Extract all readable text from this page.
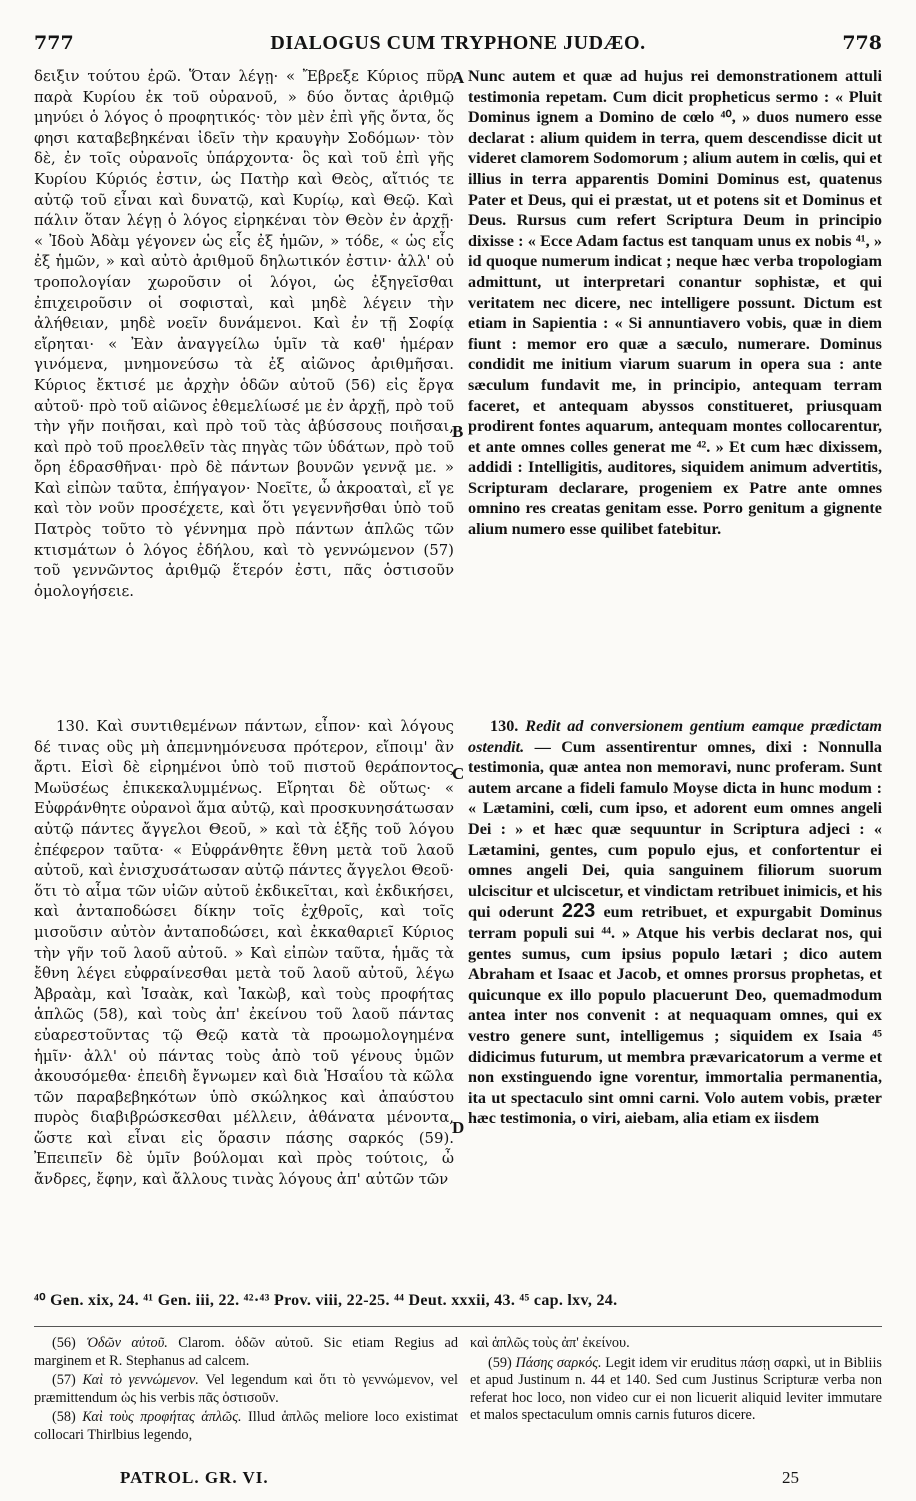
777	DIALOGUS CUM TRYPHONE JUDÆO.	778

δειξιν τούτου ἐρῶ. Ὅταν λέγῃ· « Ἔβρεξε Κύριος πῦρ παρὰ Κυρίου ἐκ τοῦ οὐρανοῦ, » δύο ὄντας ἀριθμῷ μηνύει ὁ λόγος ὁ προφητικός· τὸν μὲν ἐπὶ γῆς ὄντα, ὅς φησι καταβεβηκέναι ἰδεῖν τὴν κραυγὴν Σοδόμων· τὸν δὲ, ἐν τοῖς οὐρανοῖς ὑπάρχοντα· ὃς καὶ τοῦ ἐπὶ γῆς Κυρίου Κύριός ἐστιν, ὡς Πατὴρ καὶ Θεὸς, αἴτιός τε αὐτῷ τοῦ εἶναι καὶ δυνατῷ, καὶ Κυρίῳ, καὶ Θεῷ. Καὶ πάλιν ὅταν λέγῃ ὁ λόγος εἰρηκέναι τὸν Θεὸν ἐν ἀρχῇ· « Ἰδοὺ Ἀδὰμ γέγονεν ὡς εἷς ἐξ ἡμῶν, » τόδε, « ὡς εἷς ἐξ ἡμῶν, » καὶ αὐτὸ ἀριθμοῦ δηλωτικόν ἐστιν· ἀλλ' οὐ τροπολογίαν χωροῦσιν οἱ λόγοι, ὡς ἐξηγεῖσθαι ἐπιχειροῦσιν οἱ σοφισταὶ, καὶ μηδὲ λέγειν τὴν ἀλήθειαν, μηδὲ νοεῖν δυνάμενοι. Καὶ ἐν τῇ Σοφίᾳ εἴρηται· « Ἐὰν ἀναγγείλω ὑμῖν τὰ καθ' ἡμέραν γινόμενα, μνημονεύσω τὰ ἐξ αἰῶνος ἀριθμῆσαι. Κύριος ἔκτισέ με ἀρχὴν ὁδῶν αὐτοῦ (56) εἰς ἔργα αὐτοῦ· πρὸ τοῦ αἰῶνος ἐθεμελίωσέ με ἐν ἀρχῇ, πρὸ τοῦ τὴν γῆν ποιῆσαι, καὶ πρὸ τοῦ τὰς ἀβύσσους ποιῆσαι, καὶ πρὸ τοῦ προελθεῖν τὰς πηγὰς τῶν ὑδάτων, πρὸ τοῦ ὄρη ἑδρασθῆναι· πρὸ δὲ πάντων βουνῶν γεννᾷ με. » Καὶ εἰπὼν ταῦτα, ἐπήγαγον· Νοεῖτε, ὦ ἀκροαταὶ, εἴ γε καὶ τὸν νοῦν προσέχετε, καὶ ὅτι γεγεννῆσθαι ὑπὸ τοῦ Πατρὸς τοῦτο τὸ γέννημα πρὸ πάντων ἁπλῶς τῶν κτισμάτων ὁ λόγος ἐδήλου, καὶ τὸ γεννώμενον (57) τοῦ γεννῶντος ἀριθμῷ ἕτερόν ἐστι, πᾶς ὁστισοῦν ὁμολογήσειε.

Nunc autem et quæ ad hujus rei demonstrationem attuli testimonia repetam. Cum dicit propheticus sermo : « Pluit Dominus ignem a Domino de cœlo ⁴⁰, » duos numero esse declarat : alium quidem in terra, quem descendisse dicit ut videret clamorem Sodomorum ; alium autem in cœlis, qui et illius in terra apparentis Domini Dominus est, quatenus Pater et Deus, qui ei præstat, ut et potens sit et Dominus et Deus. Rursus cum refert Scriptura Deum in principio dixisse : « Ecce Adam factus est tanquam unus ex nobis ⁴¹, » id quoque numerum indicat ; neque hæc verba tropologiam admittunt, ut interpretari conantur sophistæ, et qui veritatem nec dicere, nec intelligere possunt. Dictum est etiam in Sapientia : « Si annuntiavero vobis, quæ in diem fiunt : memor ero quæ a sæculo, numerare. Dominus condidit me initium viarum suarum in opera sua : ante sæculum fundavit me, in principio, antequam terram faceret, et antequam abyssos constitueret, priusquam prodirent fontes aquarum, antequam montes collocarentur, et ante omnes colles generat me ⁴². » Et cum hæc dixissem, addidi : Intelligitis, auditores, siquidem animum advertitis, Scripturam declarare, progeniem ex Patre ante omnes omnino res creatas genitam esse. Porro genitum a gignente alium numero esse quilibet fatebitur.

A
B
C
D

130. Καὶ συντιθεμένων πάντων, εἶπον· καὶ λόγους δέ τινας οὓς μὴ ἀπεμνημόνευσα πρότερον, εἴποιμ' ἂν ἄρτι. Εἰσὶ δὲ εἰρημένοι ὑπὸ τοῦ πιστοῦ θεράποντος Μωϋσέως ἐπικεκαλυμμένως. Εἴρηται δὲ οὕτως· « Εὐφράνθητε οὐρανοὶ ἅμα αὐτῷ, καὶ προσκυνησάτωσαν αὐτῷ πάντες ἄγγελοι Θεοῦ, » καὶ τὰ ἑξῆς τοῦ λόγου ἐπέφερον ταῦτα· « Εὐφράνθητε ἔθνη μετὰ τοῦ λαοῦ αὐτοῦ, καὶ ἐνισχυσάτωσαν αὐτῷ πάντες ἄγγελοι Θεοῦ· ὅτι τὸ αἷμα τῶν υἱῶν αὐτοῦ ἐκδικεῖται, καὶ ἐκδικήσει, καὶ ἀνταποδώσει δίκην τοῖς ἐχθροῖς, καὶ τοῖς μισοῦσιν αὐτὸν ἀνταποδώσει, καὶ ἐκκαθαριεῖ Κύριος τὴν γῆν τοῦ λαοῦ αὐτοῦ. » Καὶ εἰπὼν ταῦτα, ἡμᾶς τὰ ἔθνη λέγει εὐφραίνεσθαι μετὰ τοῦ λαοῦ αὐτοῦ, λέγω Ἀβραὰμ, καὶ Ἰσαὰκ, καὶ Ἰακὼβ, καὶ τοὺς προφήτας ἁπλῶς (58), καὶ τοὺς ἀπ' ἐκείνου τοῦ λαοῦ πάντας εὐαρεστοῦντας τῷ Θεῷ κατὰ τὰ προωμολογημένα ἡμῖν· ἀλλ' οὐ πάντας τοὺς ἀπὸ τοῦ γένους ὑμῶν ἀκουσόμεθα· ἐπειδὴ ἔγνωμεν καὶ διὰ Ἡσαΐου τὰ κῶλα τῶν παραβεβηκότων ὑπὸ σκώληκος καὶ ἀπαύστου πυρὸς διαβιβρώσκεσθαι μέλλειν, ἀθάνατα μένοντα, ὥστε καὶ εἶναι εἰς ὅρασιν πάσης σαρκός (59). Ἐπειπεῖν δὲ ὑμῖν βούλομαι καὶ πρὸς τούτοις, ὦ ἄνδρες, ἔφην, καὶ ἄλλους τινὰς λόγους ἀπ' αὐτῶν τῶν

130. Redit ad conversionem gentium eamque prædictam ostendit. — Cum assentirentur omnes, dixi : Nonnulla testimonia, quæ antea non memoravi, nunc proferam. Sunt autem arcane a fideli famulo Moyse dicta in hunc modum : « Lætamini, cœli, cum ipso, et adorent eum omnes angeli Dei : » et hæc quæ sequuntur in Scriptura adjeci : « Lætamini, gentes, cum populo ejus, et confortentur ei omnes angeli Dei, quia sanguinem filiorum suorum ulciscitur et ulciscetur, et vindictam retribuet inimicis, et his qui oderunt 223 eum retribuet, et expurgabit Dominus terram populi sui ⁴⁴. » Atque his verbis declarat nos, qui gentes sumus, cum ipsius populo lætari ; dico autem Abraham et Isaac et Jacob, et omnes prorsus prophetas, et quicunque ex illo populo placuerunt Deo, quemadmodum antea inter nos convenit : at nequaquam omnes, qui ex vestro genere sunt, intelligemus ; siquidem ex Isaia ⁴⁵ didicimus futurum, ut membra prævaricatorum a verme et non exstinguendo igne vorentur, immortalia permanentia, ita ut spectaculo sint omni carni. Volo autem vobis, præter hæc testimonia, o viri, aiebam, alia etiam ex iisdem

⁴⁰ Gen. xix, 24. ⁴¹ Gen. iii, 22. ⁴²·⁴³ Prov. viii, 22-25. ⁴⁴ Deut. xxxii, 43. ⁴⁵ cap. lxv, 24.

(56) Ὁδῶν αὐτοῦ. Clarom. ὁδῶν αὐτοῦ. Sic etiam Regius ad marginem et R. Stephanus ad calcem.

(57) Καὶ τὸ γεννώμενον. Vel legendum καὶ ὅτι τὸ γεννώμενον, vel præmittendum ὡς his verbis πᾶς ὁστισοῦν.

(58) Καὶ τοὺς προφήτας ἁπλῶς. Illud ἁπλῶς meliore loco existimat collocari Thirlbius legendo,

καὶ ἁπλῶς τοὺς ἀπ' ἐκείνου.

(59) Πάσης σαρκός. Legit idem vir eruditus πάσῃ σαρκὶ, ut in Bibliis et apud Justinum n. 44 et 140. Sed cum Justinus Scripturæ verba non referat hoc loco, non video cur ei non licuerit aliquid leviter immutare et malos spectaculum omnis carnis futuros dicere.

PATROL. GR. VI.	25
